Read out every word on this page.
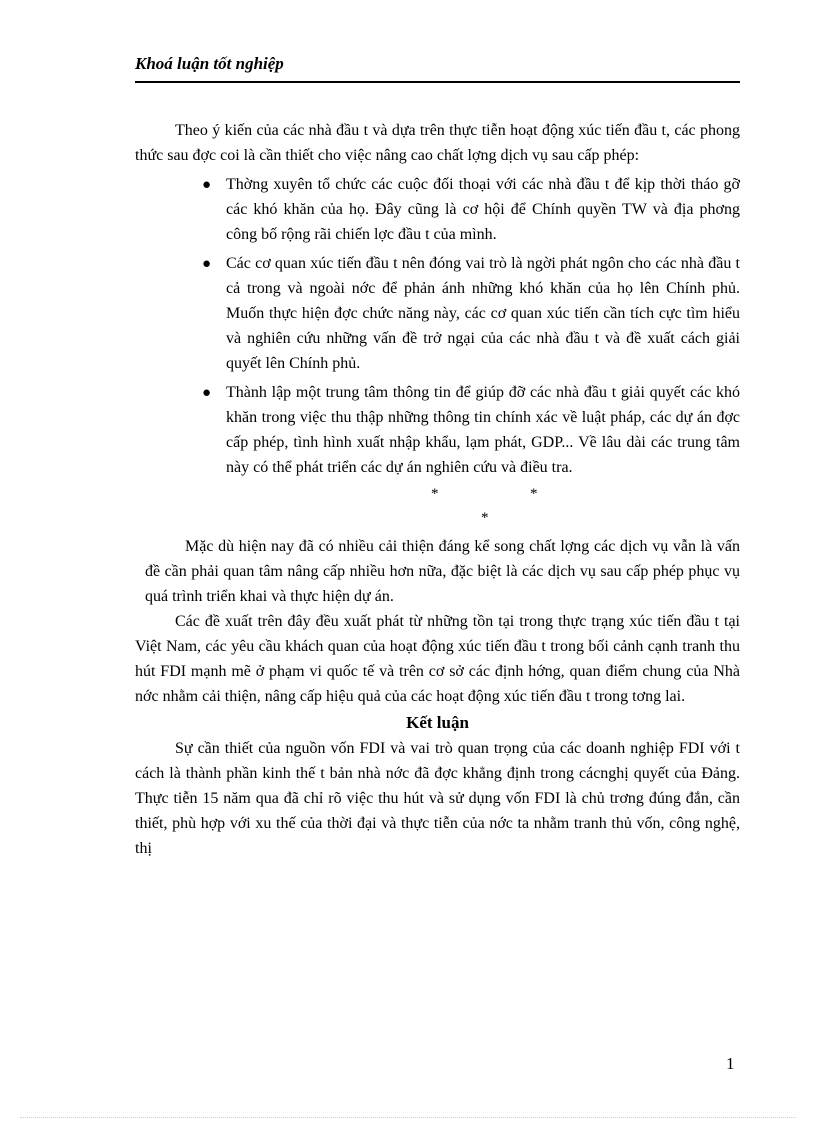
Khoá luận tốt nghiệp

Theo ý kiến của các nhà đầu t và dựa trên thực tiễn hoạt động xúc tiến đầu t, các phong thức sau đợc coi là cần thiết cho việc nâng cao chất lợng dịch vụ sau cấp phép:

● Thờng xuyên tổ chức các cuộc đối thoại với các nhà đầu t để kịp thời tháo gỡ các khó khăn của họ. Đây cũng là cơ hội để Chính quyền TW và địa phơng công bố rộng rãi chiến lợc đầu t của mình.
● Các cơ quan xúc tiến đầu t nên đóng vai trò là ngời phát ngôn cho các nhà đầu t cả trong và ngoài nớc để phản ánh những khó khăn của họ lên Chính phủ. Muốn thực hiện đợc chức năng này, các cơ quan xúc tiến cần tích cực tìm hiểu và nghiên cứu những vấn đề trở ngại của các nhà đầu t và đề xuất cách giải quyết lên Chính phủ.
● Thành lập một trung tâm thông tin để giúp đỡ các nhà đầu t giải quyết các khó khăn trong việc thu thập những thông tin chính xác về luật pháp, các dự án đợc cấp phép, tình hình xuất nhập khẩu, lạm phát, GDP... Về lâu dài các trung tâm này có thể phát triển các dự án nghiên cứu và điều tra.
*	*
*

Mặc dù hiện nay đã có nhiều cải thiện đáng kể song chất lợng các dịch vụ vẫn là vấn đề cần phải quan tâm nâng cấp nhiều hơn nữa, đặc biệt là các dịch vụ sau cấp phép phục vụ quá trình triển khai và thực hiện dự án.

Các đề xuất trên đây đều xuất phát từ những tồn tại trong thực trạng xúc tiến đầu t tại Việt Nam, các yêu cầu khách quan của hoạt động xúc tiến đầu t trong bối cảnh cạnh tranh thu hút FDI mạnh mẽ ở phạm vi quốc tế và trên cơ sở các định hớng, quan điểm chung của Nhà nớc nhằm cải thiện, nâng cấp hiệu quả của các hoạt động xúc tiến đầu t trong tơng lai.

Kết luận

Sự cần thiết của nguồn vốn FDI và vai trò quan trọng của các doanh nghiệp FDI với t cách là thành phần kinh thế t bản nhà nớc đã đợc khẳng định trong cácnghị quyết của Đảng. Thực tiễn 15 năm qua đã chỉ rõ việc thu hút và sử dụng vốn FDI là chủ trơng đúng đắn, cần thiết, phù hợp với xu thế của thời đại và thực tiễn của nớc ta nhằm tranh thủ vốn, công nghệ, thị

1
